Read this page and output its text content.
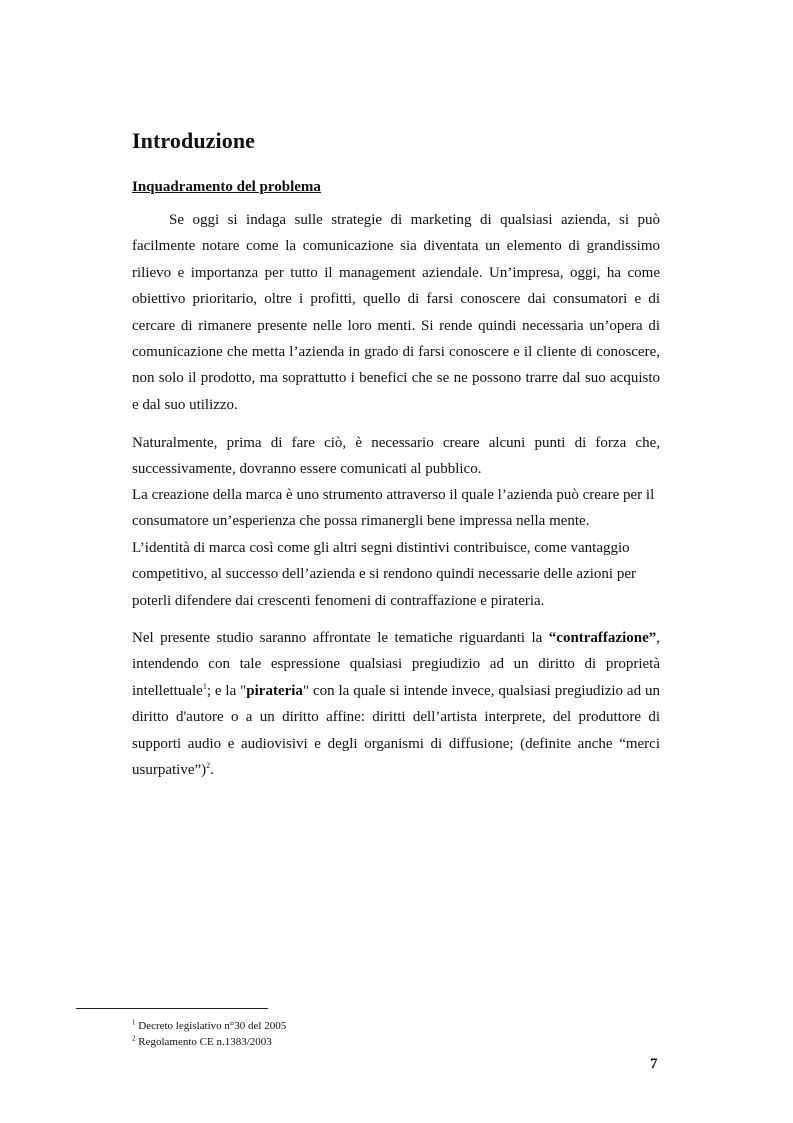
Introduzione
Inquadramento del problema

Se oggi si indaga sulle strategie di marketing di qualsiasi azienda, si può facilmente notare come la comunicazione sia diventata un elemento di grandissimo rilievo e importanza per tutto il management aziendale. Un’impresa, oggi, ha come obiettivo prioritario, oltre i profitti, quello di farsi conoscere dai consumatori e di cercare di rimanere presente nelle loro menti. Si rende quindi necessaria un’opera di comunicazione che metta l’azienda in grado di farsi conoscere e il cliente di conoscere, non solo il prodotto, ma soprattutto i benefici che se ne possono trarre dal suo acquisto e dal suo utilizzo.

Naturalmente, prima di fare ciò, è necessario creare alcuni punti di forza che, successivamente, dovranno essere comunicati al pubblico.

La creazione della marca è uno strumento attraverso il quale l’azienda può creare per il consumatore un’esperienza che possa rimanergli bene impressa nella mente.

L’identità di marca così come gli altri segni distintivi contribuisce, come vantaggio competitivo, al successo dell’azienda e si rendono quindi necessarie delle azioni per poterli difendere dai crescenti fenomeni di contraffazione e pirateria.

Nel presente studio saranno affrontate le tematiche riguardanti la “contraffazione”, intendendo con tale espressione qualsiasi pregiudizio ad un diritto di proprietà intellettuale$^1$; e la "pirateria" con la quale si intende invece, qualsiasi pregiudizio ad un diritto d'autore o a un diritto affine: diritti dell’artista interprete, del produttore di supporti audio e audiovisivi e degli organismi di diffusione; (definite anche “merci usurpative”)$^2$.

$^1$ Decreto legislativo n°30 del 2005
$^2$ Regolamento CE n.1383/2003
7
